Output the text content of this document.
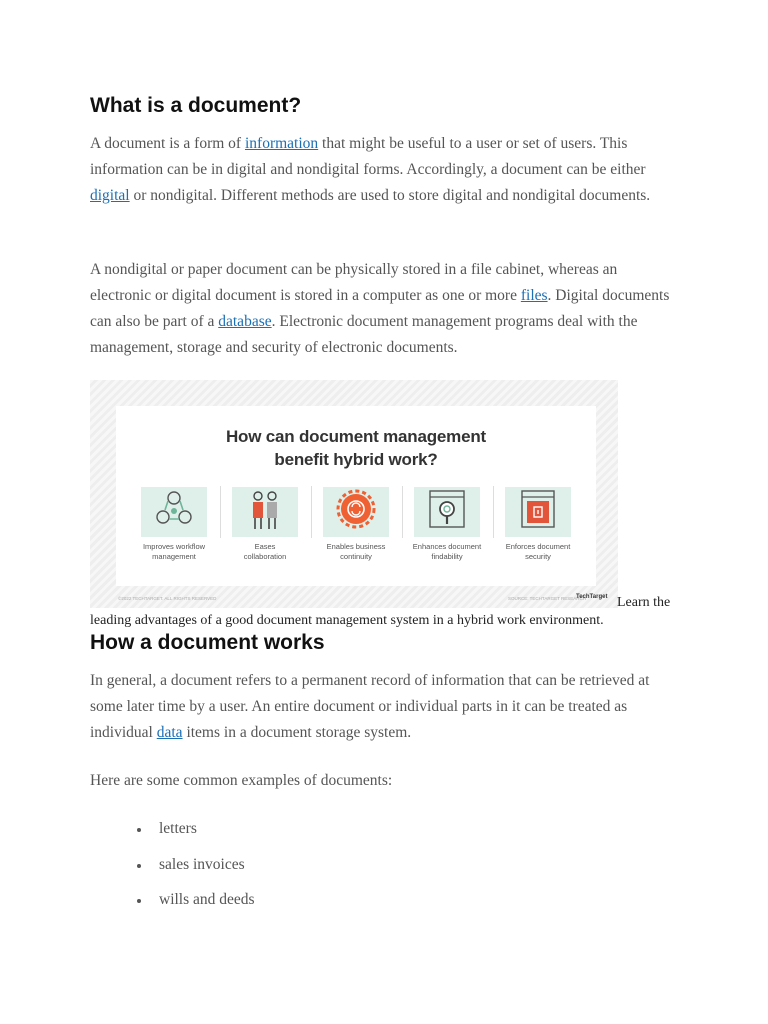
What is a document?

A document is a form of information that might be useful to a user or set of users. This information can be in digital and nondigital forms. Accordingly, a document can be either digital or nondigital. Different methods are used to store digital and nondigital documents.

A nondigital or paper document can be physically stored in a file cabinet, whereas an electronic or digital document is stored in a computer as one or more files. Digital documents can also be part of a database. Electronic document management programs deal with the management, storage and security of electronic documents.

How can document management
benefit hybrid work?
Improves workflow
management
Eases
collaboration
Enables business
continuity
Enhances document
findability
Enforces document
security
©2022 TECHTARGET. ALL RIGHTS RESERVED	SOURCE: TECHTARGET RESEARCH
TechTarget Learn the
leading advantages of a good document management system in a hybrid work environment.

How a document works

In general, a document refers to a permanent record of information that can be retrieved at some later time by a user. An entire document or individual parts in it can be treated as individual data items in a document storage system.

Here are some common examples of documents:

letters
sales invoices
wills and deeds
